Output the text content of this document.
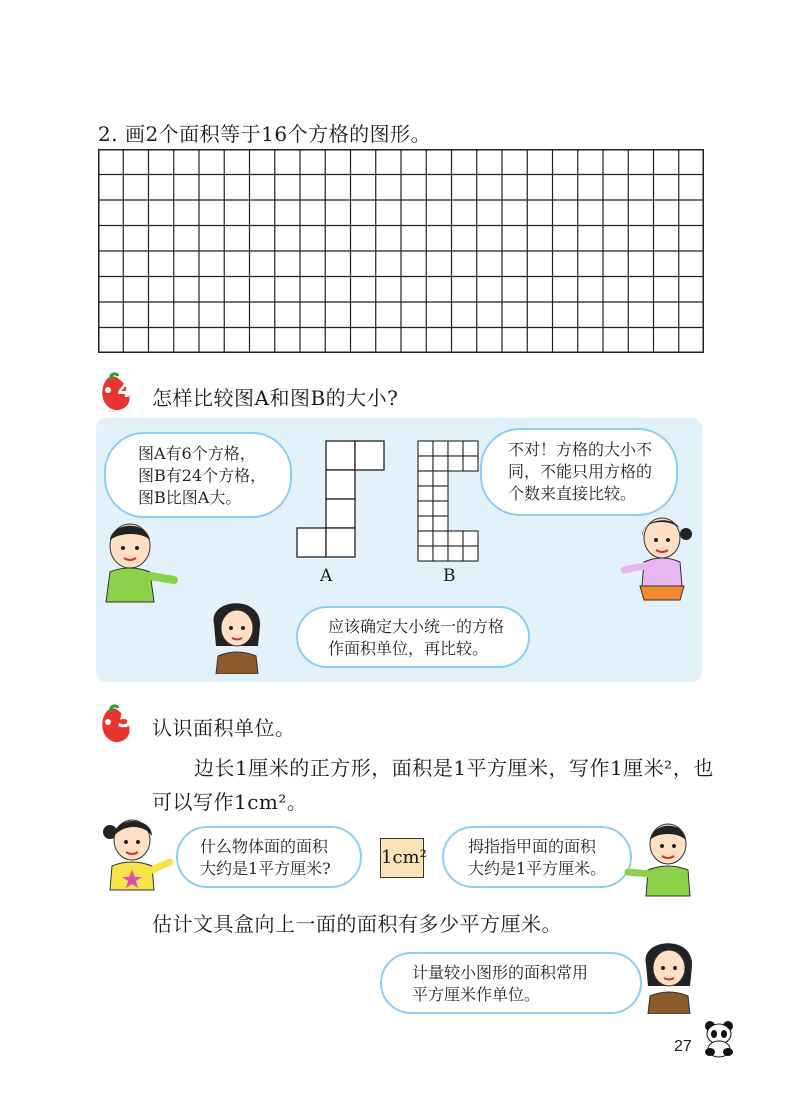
2. 画2个面积等于16个方格的图形。
4 怎样比较图A和图B的大小?
图A有6个方格，
图B有24个方格，
图B比图A大。
A	B
不对！方格的大小不
同，不能只用方格的
个数来直接比较。
应该确定大小统一的方格
作面积单位，再比较。
5 认识面积单位。
边长1厘米的正方形，面积是1平方厘米，写作1厘米²，也
可以写作1cm²。
什么物体面的面积
大约是1平方厘米?
1cm²
拇指指甲面的面积
大约是1平方厘米。
估计文具盒向上一面的面积有多少平方厘米。
计量较小图形的面积常用
平方厘米作单位。
27
